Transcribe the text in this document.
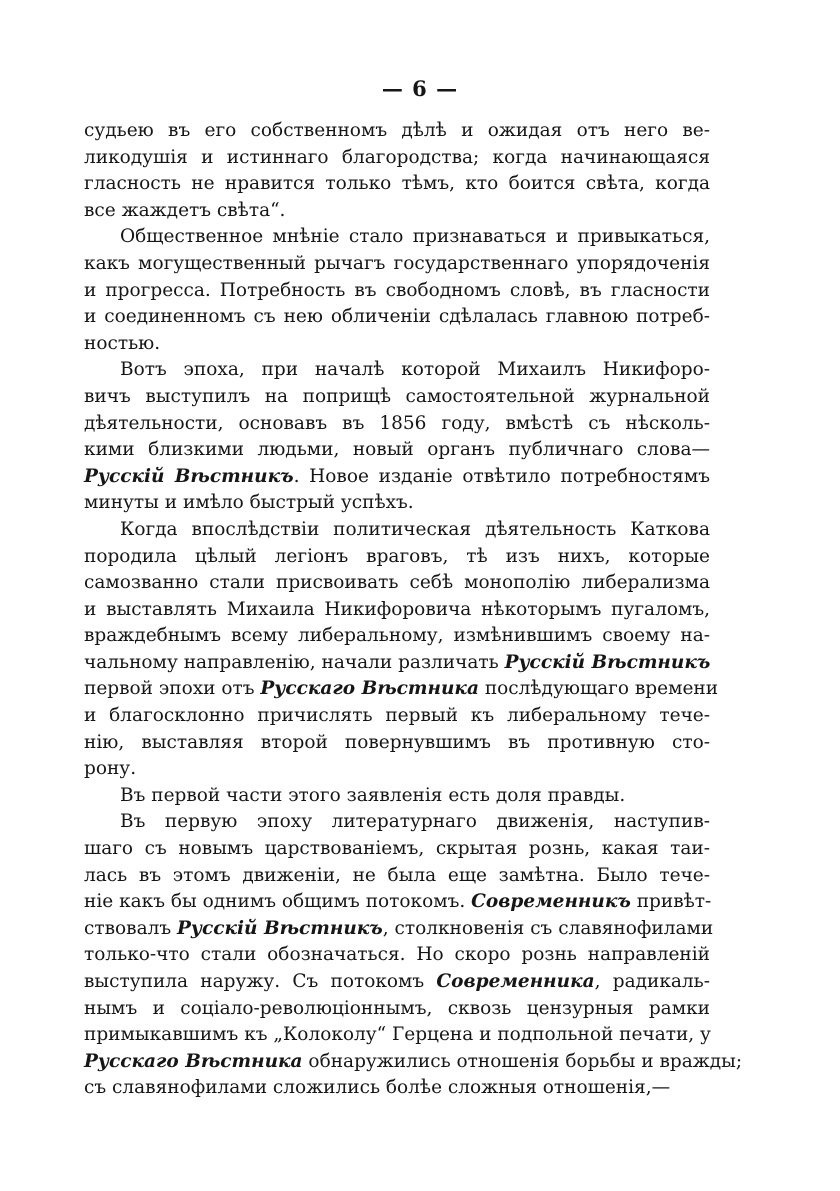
— 6 —
судьею въ его собственномъ дѣлѣ и ожидая отъ него ве-
ликодушія и истиннаго благородства; когда начинающаяся
гласность не нравится только тѣмъ, кто боится свѣта, когда
все жаждетъ свѣта“.
Общественное мнѣніе стало признаваться и привыкаться,
какъ могущественный рычагъ государственнаго упорядоченія
и прогресса. Потребность въ свободномъ словѣ, въ гласности
и соединенномъ съ нею обличеніи сдѣлалась главною потреб-
ностью.
Вотъ эпоха, при началѣ которой Михаилъ Никифоро-
вичъ выступилъ на поприщѣ самостоятельной журнальной
дѣятельности, основавъ въ 1856 году, вмѣстѣ съ нѣсколь-
кими близкими людьми, новый органъ публичнаго слова—
Русскій Вѣстникъ. Новое изданіе отвѣтило потребностямъ
минуты и имѣло быстрый успѣхъ.
Когда впослѣдствіи политическая дѣятельность Каткова
породила цѣлый легіонъ враговъ, тѣ изъ нихъ, которые
самозванно стали присвоивать себѣ монополію либерализма
и выставлять Михаила Никифоровича нѣкоторымъ пугаломъ,
враждебнымъ всему либеральному, измѣнившимъ своему на-
чальному направленію, начали различать Русскій Вѣстникъ
первой эпохи отъ Русскаго Вѣстника послѣдующаго времени
и благосклонно причислять первый къ либеральному тече-
нію, выставляя второй повернувшимъ въ противную сто-
рону.
Въ первой части этого заявленія есть доля правды.
Въ первую эпоху литературнаго движенія, наступив-
шаго съ новымъ царствованіемъ, скрытая рознь, какая таи-
лась въ этомъ движеніи, не была еще замѣтна. Было тече-
ніе какъ бы однимъ общимъ потокомъ. Современникъ привѣт-
ствовалъ Русскій Вѣстникъ, столкновенія съ славянофилами
только-что стали обозначаться. Но скоро рознь направленій
выступила наружу. Съ потокомъ Современника, радикаль-
нымъ и соціало-революціоннымъ, сквозь цензурныя рамки
примыкавшимъ къ „Колоколу“ Герцена и подпольной печати, у
Русскаго Вѣстника обнаружились отношенія борьбы и вражды;
съ славянофилами сложились болѣе сложныя отношенія,—
